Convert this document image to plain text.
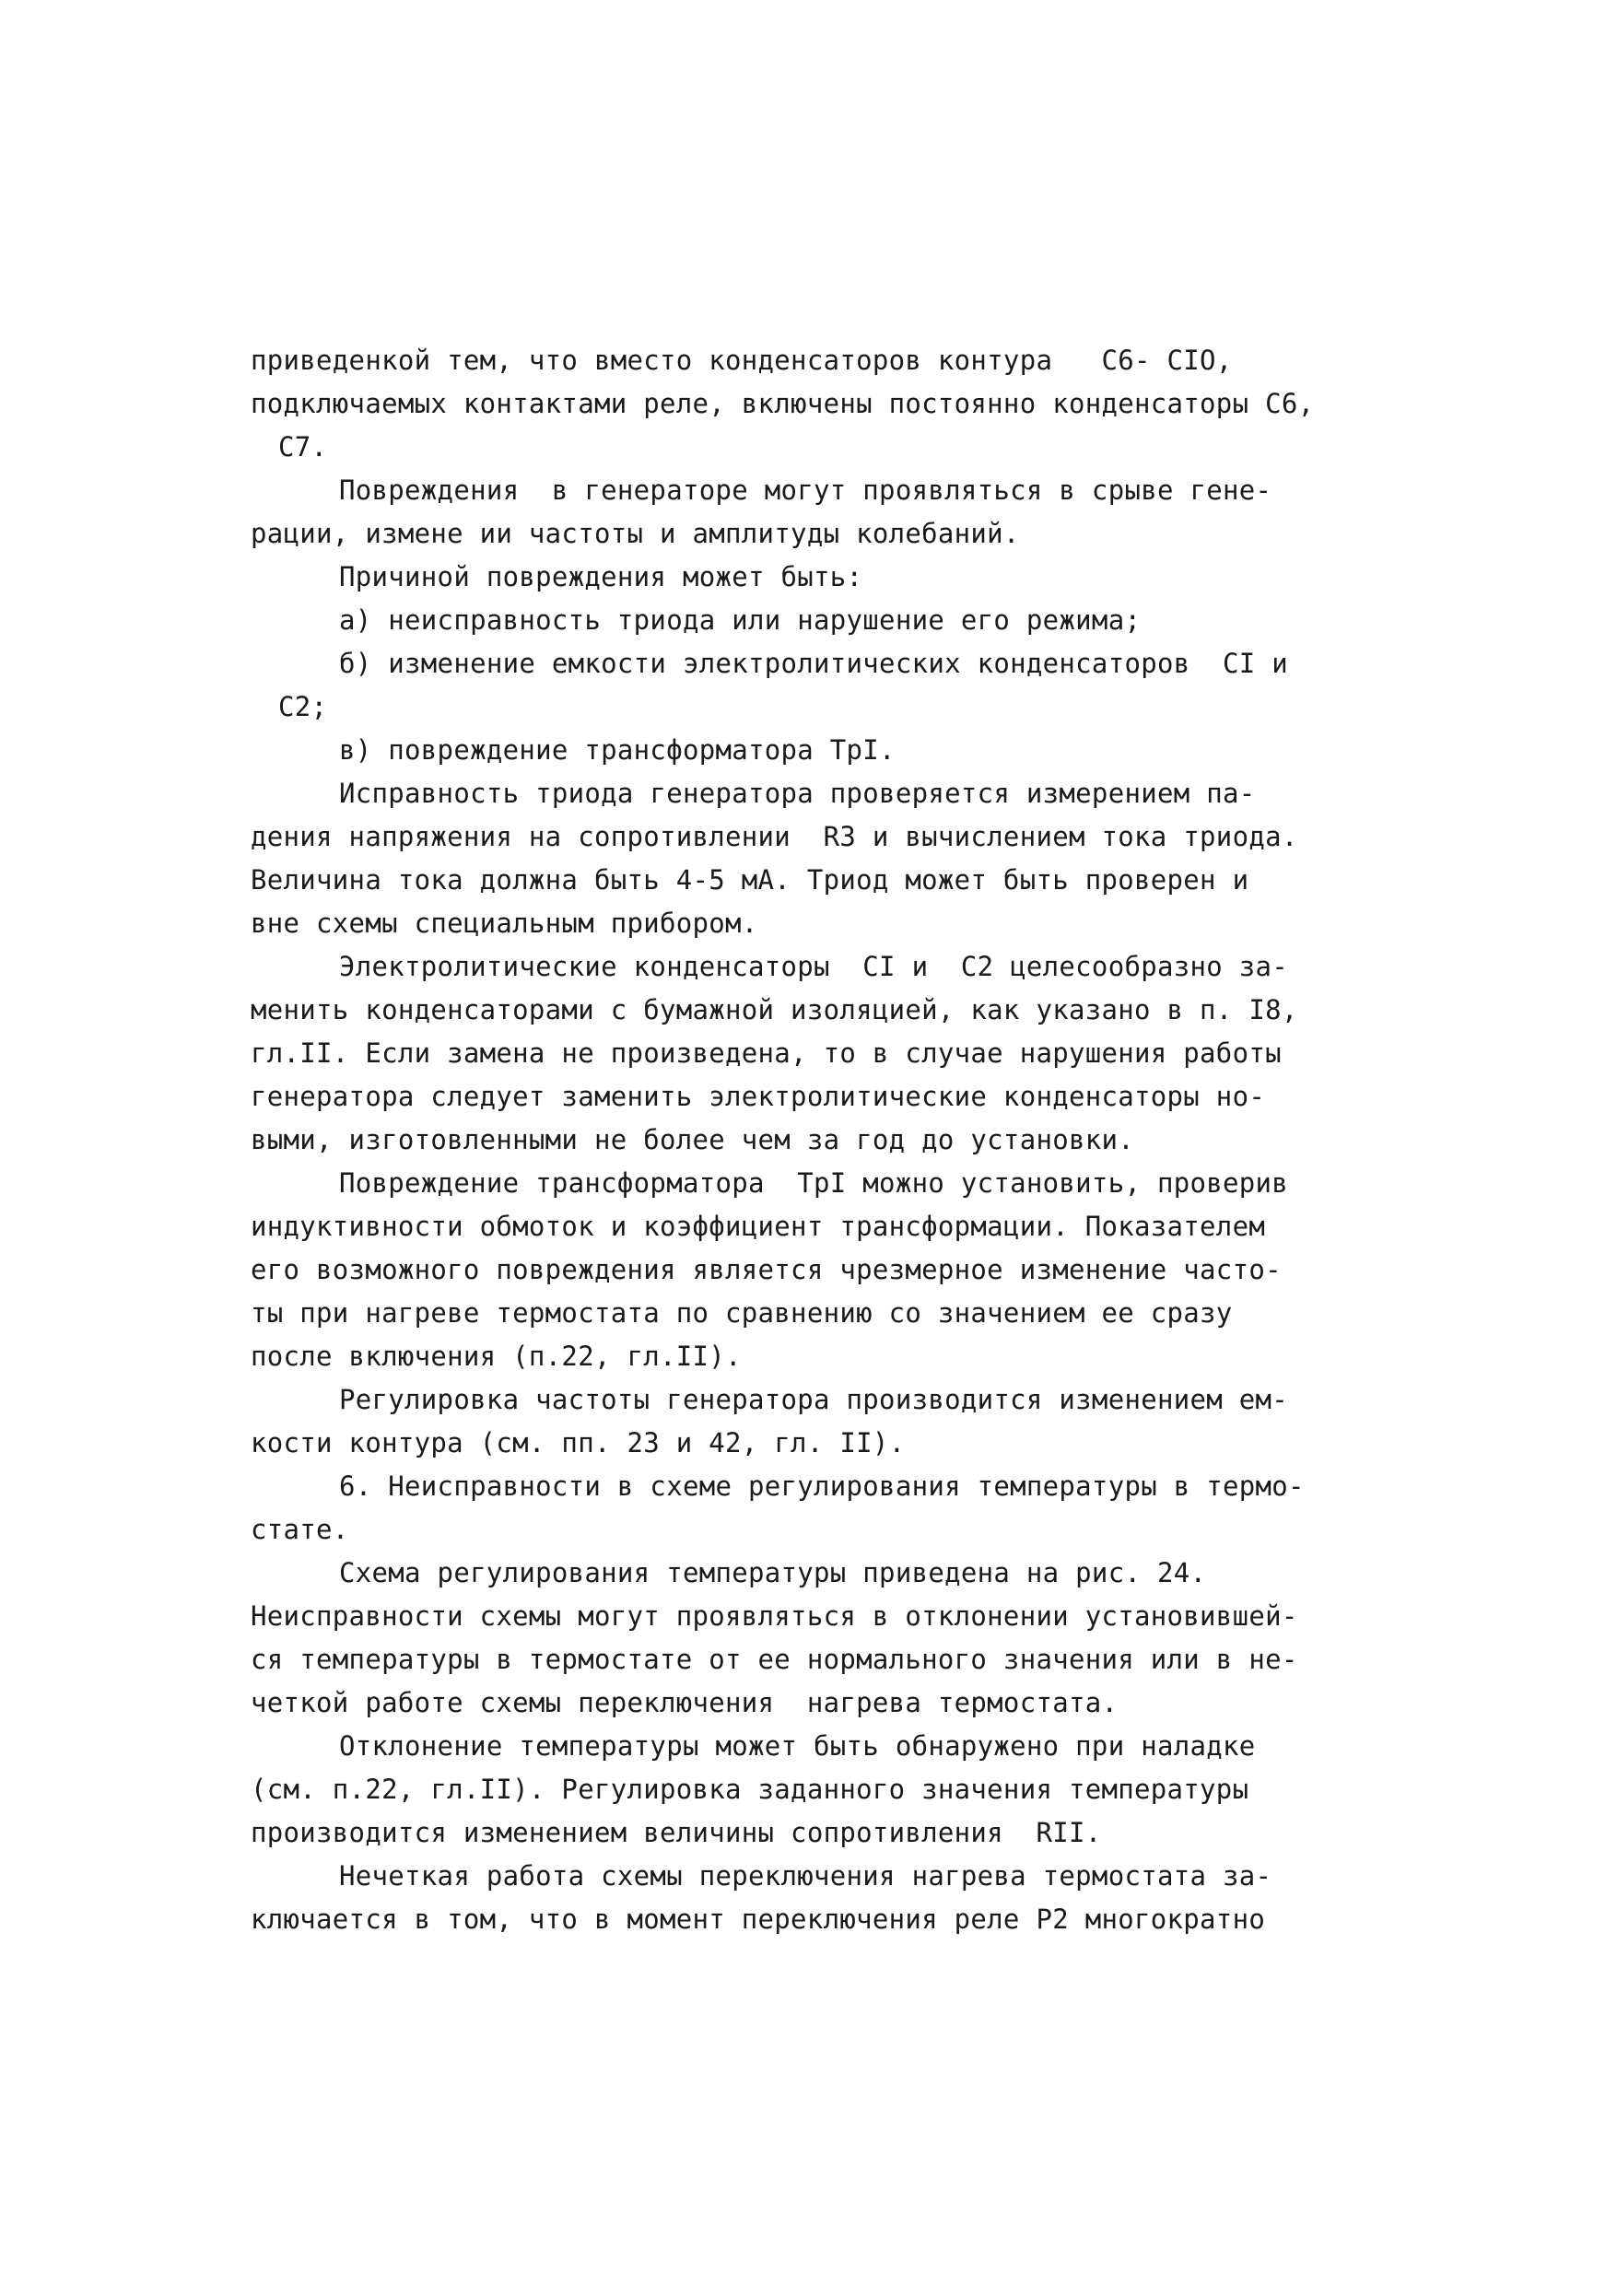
приведенкой тем, что вместо конденсаторов контура   С6- СIO,
подключаемых контактами реле, включены постоянно конденсаторы С6,
С7.
Повреждения  в генераторе могут проявляться в срыве гене-
рации, измене ии частоты и амплитуды колебаний.
Причиной повреждения может быть:
а) неисправность триода или нарушение его режима;
б) изменение емкости электролитических конденсаторов  СI и
С2;
в) повреждение трансформатора ТрI.
Исправность триода генератора проверяется измерением па-
дения напряжения на сопротивлении  R3 и вычислением тока триода.
Величина тока должна быть 4-5 мА. Триод может быть проверен и
вне схемы специальным прибором.
Электролитические конденсаторы  СI и  С2 целесообразно за-
менить конденсаторами с бумажной изоляцией, как указано в п. I8,
гл.II. Если замена не произведена, то в случае нарушения работы
генератора следует заменить электролитические конденсаторы но-
выми, изготовленными не более чем за год до установки.
Повреждение трансформатора  ТрI можно установить, проверив
индуктивности обмоток и коэффициент трансформации. Показателем
его возможного повреждения является чрезмерное изменение часто-
ты при нагреве термостата по сравнению со значением ее сразу
после включения (п.22, гл.II).
Регулировка частоты генератора производится изменением ем-
кости контура (см. пп. 23 и 42, гл. II).
6. Неисправности в схеме регулирования температуры в термо-
стате.
Схема регулирования температуры приведена на рис. 24.
Неисправности схемы могут проявляться в отклонении установившей-
ся температуры в термостате от ее нормального значения или в не-
четкой работе схемы переключения  нагрева термостата.
Отклонение температуры может быть обнаружено при наладке
(см. п.22, гл.II). Регулировка заданного значения температуры
производится изменением величины сопротивления  RII.
Нечеткая работа схемы переключения нагрева термостата за-
ключается в том, что в момент переключения реле Р2 многократно
